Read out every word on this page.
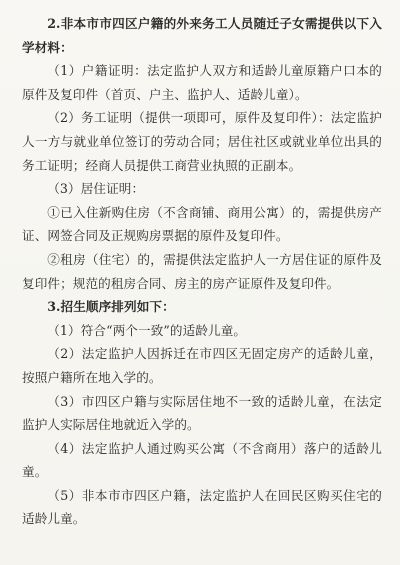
2.非本市市四区户籍的外来务工人员随迁子女需提供以下入学材料：

（1）户籍证明：法定监护人双方和适龄儿童原籍户口本的原件及复印件（首页、户主、监护人、适龄儿童）。

（2）务工证明（提供一项即可，原件及复印件）：法定监护人一方与就业单位签订的劳动合同；居住社区或就业单位出具的务工证明；经商人员提供工商营业执照的正副本。

（3）居住证明：

①已入住新购住房（不含商铺、商用公寓）的，需提供房产证、网签合同及正规购房票据的原件及复印件。

②租房（住宅）的，需提供法定监护人一方居住证的原件及复印件；规范的租房合同、房主的房产证原件及复印件。

3.招生顺序排列如下：

（1）符合“两个一致”的适龄儿童。

（2）法定监护人因拆迁在市四区无固定房产的适龄儿童，按照户籍所在地入学的。

（3）市四区户籍与实际居住地不一致的适龄儿童，在法定监护人实际居住地就近入学的。

（4）法定监护人通过购买公寓（不含商用）落户的适龄儿童。

（5）非本市市四区户籍，法定监护人在回民区购买住宅的适龄儿童。
